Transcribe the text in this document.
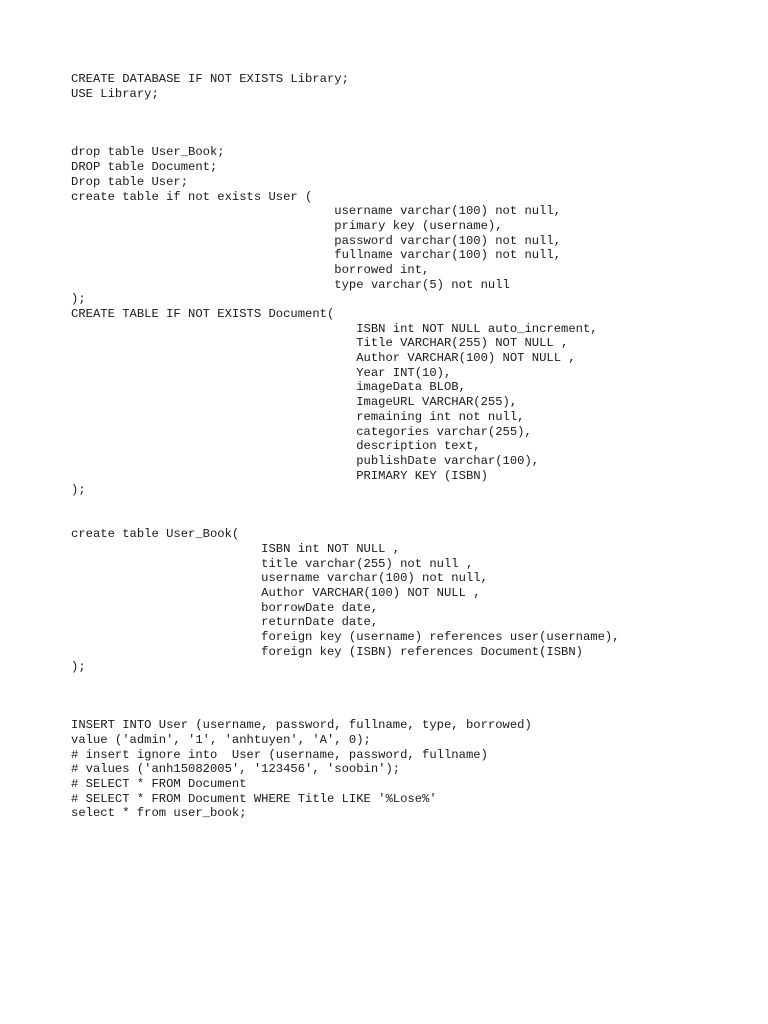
CREATE DATABASE IF NOT EXISTS Library;
USE Library;
drop table User_Book;
DROP table Document;
Drop table User;
create table if not exists User (
username varchar(100) not null,
primary key (username),
password varchar(100) not null,
fullname varchar(100) not null,
borrowed int,
type varchar(5) not null
);
CREATE TABLE IF NOT EXISTS Document(
ISBN int NOT NULL auto_increment,
Title VARCHAR(255) NOT NULL ,
Author VARCHAR(100) NOT NULL ,
Year INT(10),
imageData BLOB,
ImageURL VARCHAR(255),
remaining int not null,
categories varchar(255),
description text,
publishDate varchar(100),
PRIMARY KEY (ISBN)
);
create table User_Book(
ISBN int NOT NULL ,
title varchar(255) not null ,
username varchar(100) not null,
Author VARCHAR(100) NOT NULL ,
borrowDate date,
returnDate date,
foreign key (username) references user(username),
foreign key (ISBN) references Document(ISBN)
);
INSERT INTO User (username, password, fullname, type, borrowed)
value ('admin', '1', 'anhtuyen', 'A', 0);
# insert ignore into  User (username, password, fullname)
# values ('anh15082005', '123456', 'soobin');
# SELECT * FROM Document
# SELECT * FROM Document WHERE Title LIKE '%Lose%'
select * from user_book;
